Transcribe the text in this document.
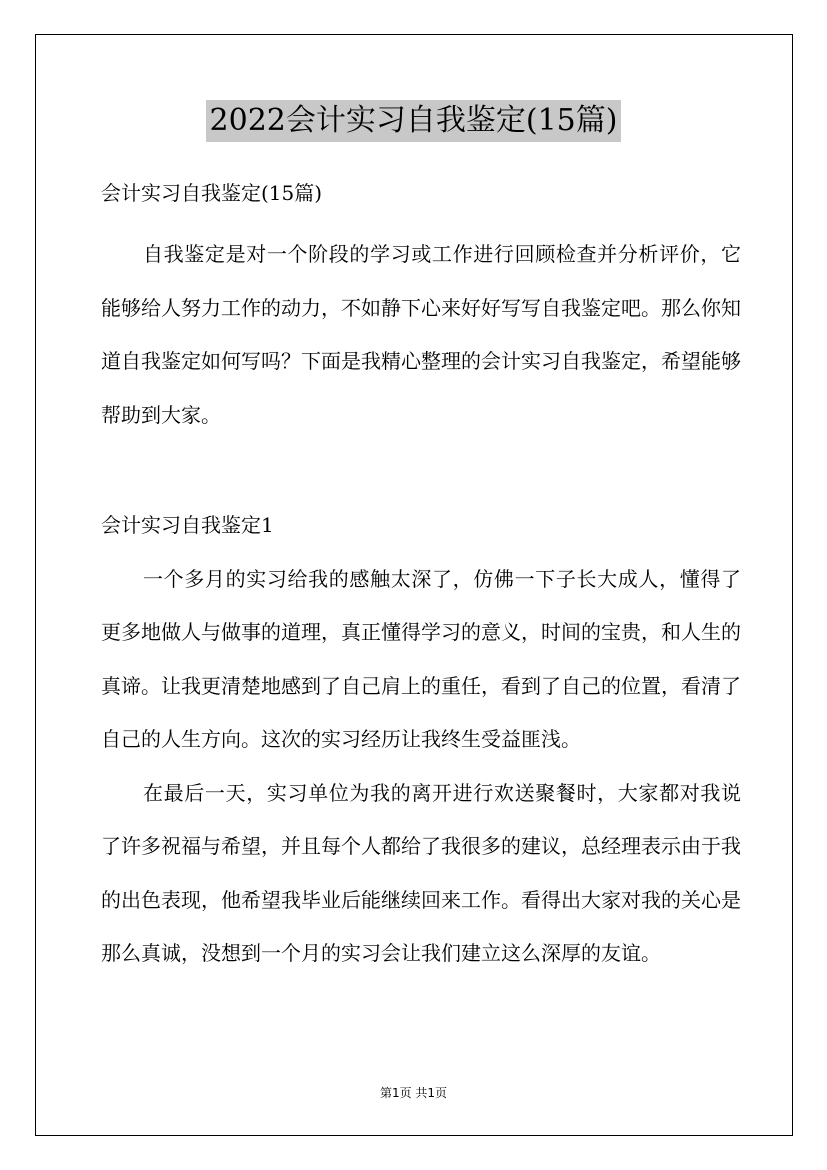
2022会计实习自我鉴定(15篇)

会计实习自我鉴定(15篇)

自我鉴定是对一个阶段的学习或工作进行回顾检查并分析评价，它能够给人努力工作的动力，不如静下心来好好写写自我鉴定吧。那么你知道自我鉴定如何写吗？下面是我精心整理的会计实习自我鉴定，希望能够帮助到大家。

会计实习自我鉴定1

一个多月的实习给我的感触太深了，仿佛一下子长大成人，懂得了更多地做人与做事的道理，真正懂得学习的意义，时间的宝贵，和人生的真谛。让我更清楚地感到了自己肩上的重任，看到了自己的位置，看清了自己的人生方向。这次的实习经历让我终生受益匪浅。

在最后一天，实习单位为我的离开进行欢送聚餐时，大家都对我说了许多祝福与希望，并且每个人都给了我很多的建议，总经理表示由于我的出色表现，他希望我毕业后能继续回来工作。看得出大家对我的关心是那么真诚，没想到一个月的实习会让我们建立这么深厚的友谊。

第1页 共1页
